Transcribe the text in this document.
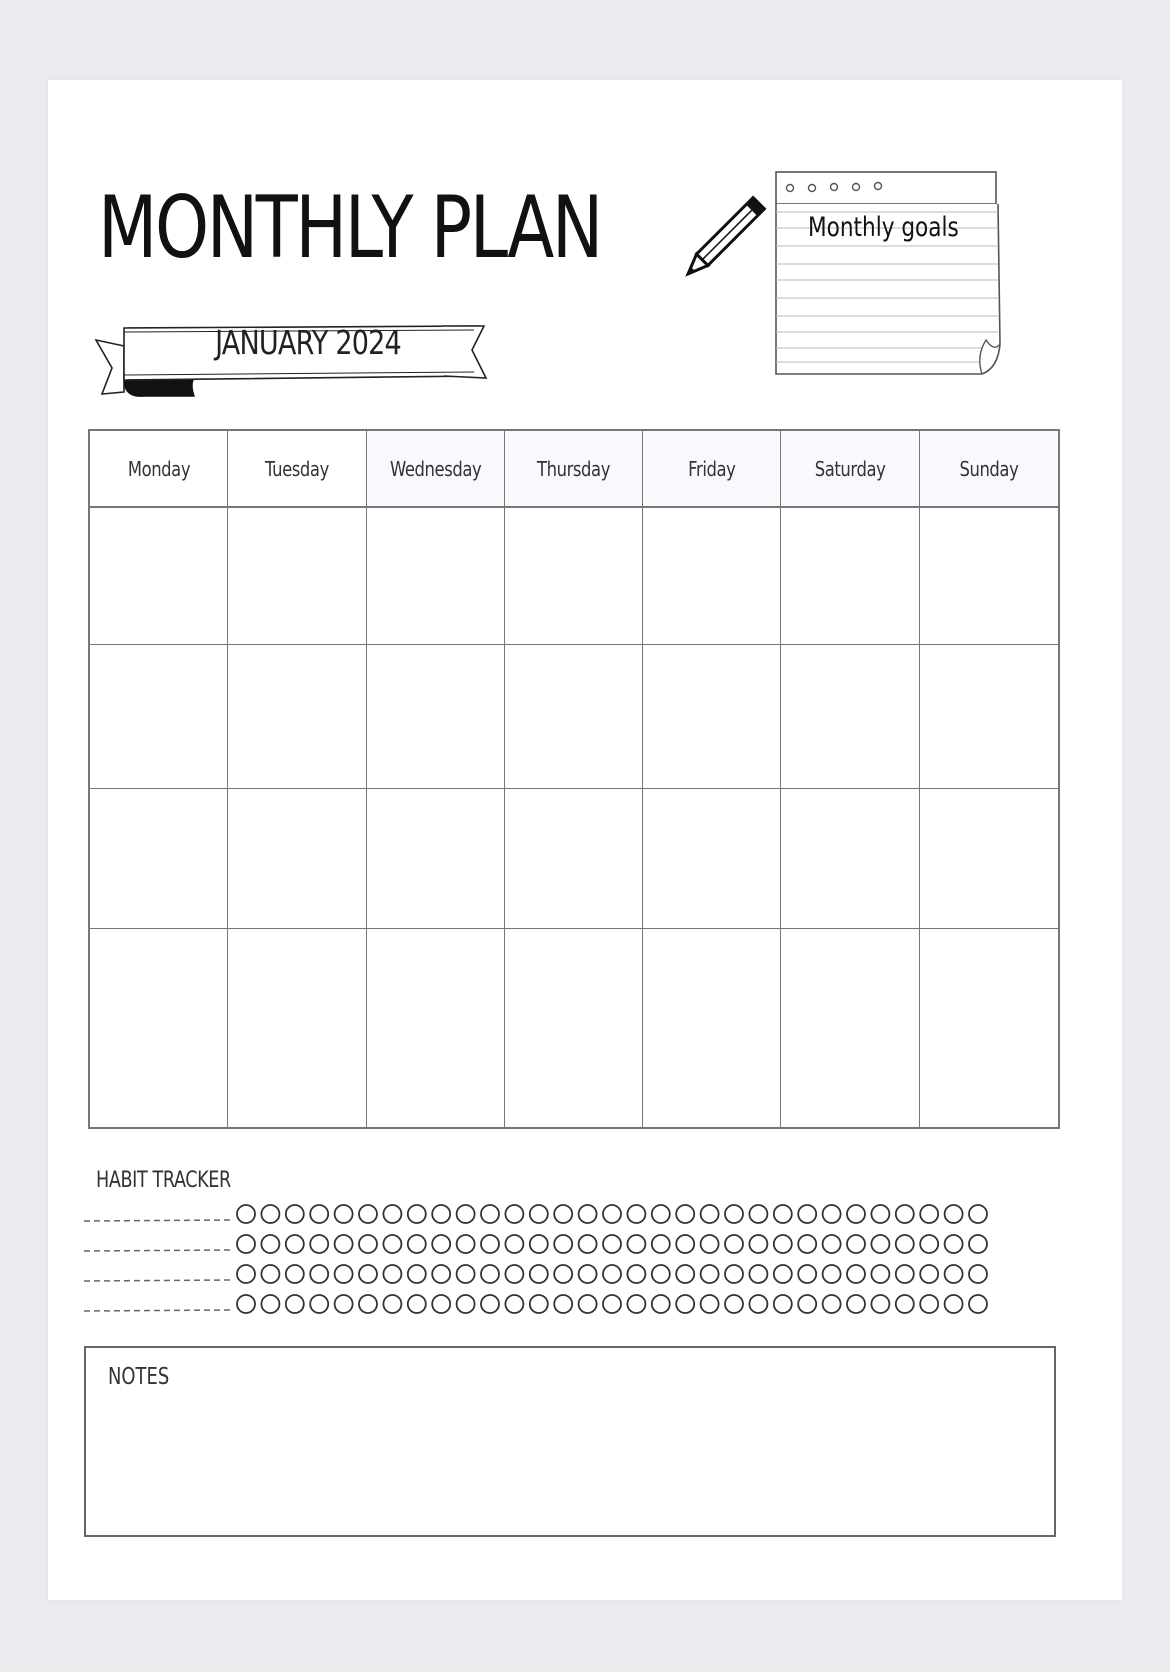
MONTHLY PLAN
JANUARY 2024
Monthly goals
Monday	Tuesday	Wednesday	Thursday	Friday	Saturday	Sunday
HABIT TRACKER
NOTES
